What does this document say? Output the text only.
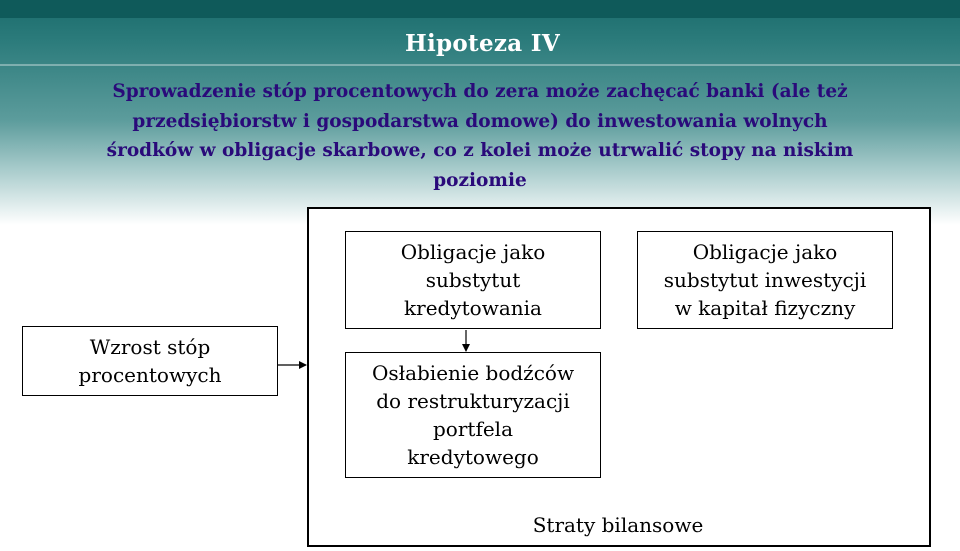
Hipoteza IV
Sprowadzenie stóp procentowych do zera może zachęcać banki (ale też
przedsiębiorstw i gospodarstwa domowe) do inwestowania wolnych
środków w obligacje skarbowe, co z kolei może utrwalić stopy na niskim
poziomie
Wzrost stóp
procentowych
Obligacje jako
substytut
kredytowania
Obligacje jako
substytut inwestycji
w kapitał fizyczny
Osłabienie bodźców
do restrukturyzacji
portfela
kredytowego
Straty bilansowe
